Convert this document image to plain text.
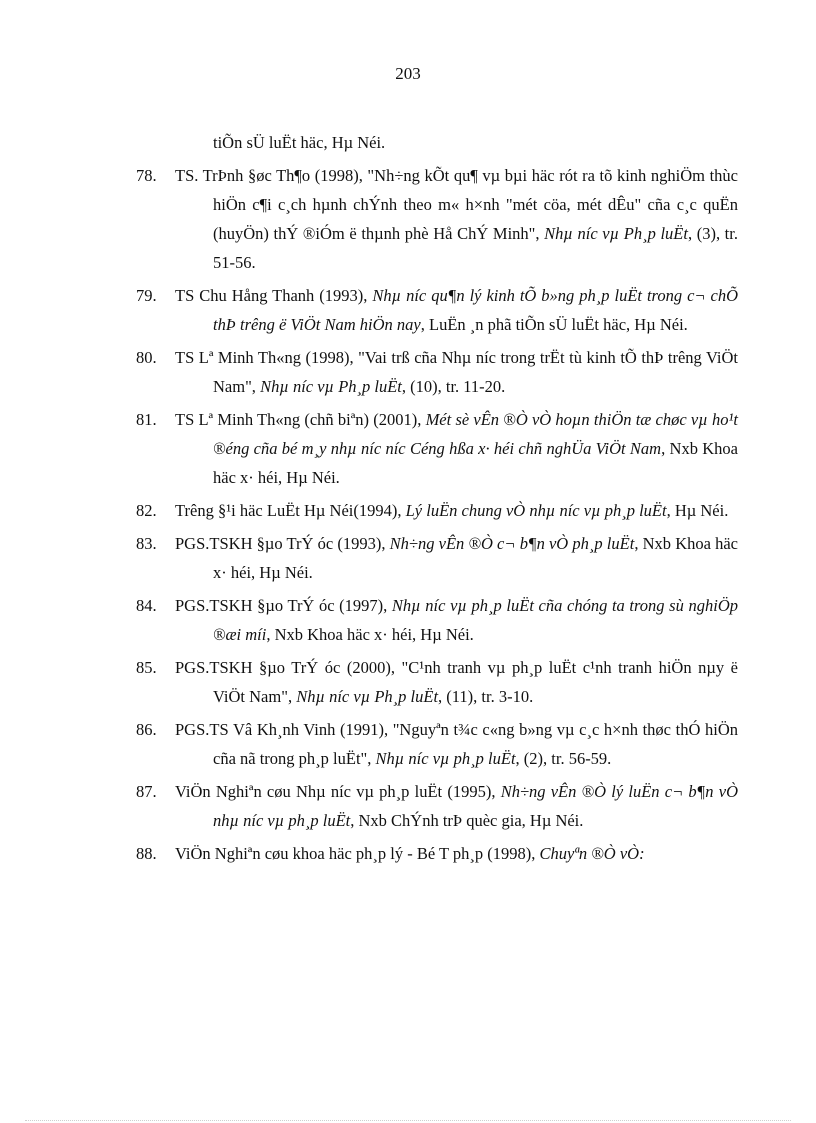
203
tiÕn sÜ luËt häc, Hµ Néi.
78. TS. TrÞnh §øc Th¶o (1998), "Nh÷ng kÕt qu¶ vµ bµi häc rót ra tõ kinh nghiÖm thùc hiÖn c¶i c¸ch hµnh chÝnh theo m« h×nh "mét cöa, mét dÊu" cña c¸c quËn (huyÖn) thÝ ®iÓm ë thµnh phè Hå ChÝ Minh", Nhµ níc vµ Ph¸p luËt, (3), tr. 51-56.
79. TS Chu Hång Thanh (1993), Nhµ níc qu¶n lý kinh tÕ b»ng ph¸p luËt trong c¬ chÕ thÞ trêng ë ViÖt Nam hiÖn nay, LuËn ¸n phã tiÕn sÜ luËt häc, Hµ Néi.
80. TS Lª Minh Th«ng (1998), "Vai trß cña Nhµ níc trong trËt tù kinh tÕ thÞ trêng ViÖt Nam", Nhµ níc vµ Ph¸p luËt, (10), tr. 11-20.
81. TS Lª Minh Th«ng (chñ biªn) (2001), Mét sè vÊn ®Ò vÒ hoµn thiÖn tæ chøc vµ ho¹t ®éng cña bé m¸y nhµ níc níc Céng hßa x· héi chñ nghÜa ViÖt Nam, Nxb Khoa häc x· héi, Hµ Néi.
82. Trêng §¹i häc LuËt Hµ Néi(1994), Lý luËn chung vÒ nhµ níc vµ ph¸p luËt, Hµ Néi.
83. PGS.TSKH §µo TrÝ óc (1993), Nh÷ng vÊn ®Ò c¬ b¶n vÒ ph¸p luËt, Nxb Khoa häc x· héi, Hµ Néi.
84. PGS.TSKH §µo TrÝ óc (1997), Nhµ níc vµ ph¸p luËt cña chóng ta trong sù nghiÖp ®æi míi, Nxb Khoa häc x· héi, Hµ Néi.
85. PGS.TSKH §µo TrÝ óc (2000), "C¹nh tranh vµ ph¸p luËt c¹nh tranh hiÖn nµy ë ViÖt Nam", Nhµ níc vµ Ph¸p luËt, (11), tr. 3-10.
86. PGS.TS Vâ Kh¸nh Vinh (1991), "Nguyªn t¾c c«ng b»ng vµ c¸c h×nh thøc thÓ hiÖn cña nã trong ph¸p luËt", Nhµ níc vµ ph¸p luËt, (2), tr. 56-59.
87. ViÖn Nghiªn cøu Nhµ níc vµ ph¸p luËt (1995), Nh÷ng vÊn ®Ò lý luËn c¬ b¶n vÒ nhµ níc vµ ph¸p luËt, Nxb ChÝnh trÞ quèc gia, Hµ Néi.
88. ViÖn Nghiªn cøu khoa häc ph¸p lý - Bé T ph¸p (1998), Chuyªn ®Ò vÒ:
